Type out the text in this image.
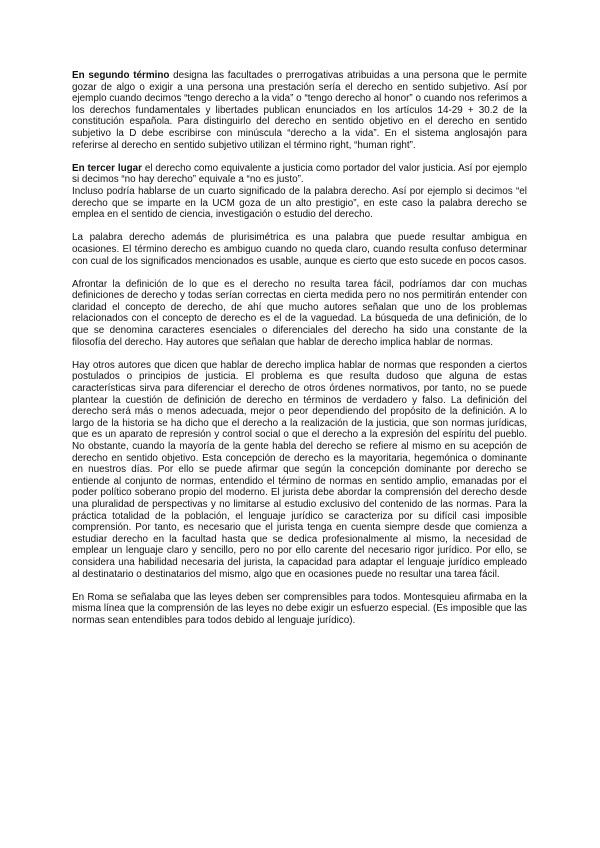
En segundo término designa las facultades o prerrogativas atribuidas a una persona que le permite gozar de algo o exigir a una persona una prestación sería el derecho en sentido subjetivo. Así por ejemplo cuando decimos “tengo derecho a la vida” o “tengo derecho al honor” o cuando nos referimos a los derechos fundamentales y libertades publican enunciados en los artículos 14-29 + 30.2 de la constitución española. Para distinguirlo del derecho en sentido objetivo en el derecho en sentido subjetivo la D debe escribirse con minúscula “derecho a la vida”. En el sistema anglosajón para referirse al derecho en sentido subjetivo utilizan el término right, “human right”.

En tercer lugar el derecho como equivalente a justicia como portador del valor justicia. Así por ejemplo si decimos “no hay derecho” equivale a “no es justo”.

Incluso podría hablarse de un cuarto significado de la palabra derecho. Así por ejemplo si decimos “el derecho que se imparte en la UCM goza de un alto prestigio”, en este caso la palabra derecho se emplea en el sentido de ciencia, investigación o estudio del derecho.

La palabra derecho además de plurisimétrica es una palabra que puede resultar ambigua en ocasiones. El término derecho es ambiguo cuando no queda claro, cuando resulta confuso determinar con cual de los significados mencionados es usable, aunque es cierto que esto sucede en pocos casos.

Afrontar la definición de lo que es el derecho no resulta tarea fácil, podríamos dar con muchas definiciones de derecho y todas serían correctas en cierta medida pero no nos permitirán entender con claridad el concepto de derecho, de ahí que mucho autores señalan que uno de los problemas relacionados con el concepto de derecho es el de la vaguedad. La búsqueda de una definición, de lo que se denomina caracteres esenciales o diferenciales del derecho ha sido una constante de la filosofía del derecho. Hay autores que señalan que hablar de derecho implica hablar de normas.

Hay otros autores que dicen que hablar de derecho implica hablar de normas que responden a ciertos postulados o principios de justicia. El problema es que resulta dudoso que alguna de estas características sirva para diferenciar el derecho de otros órdenes normativos, por tanto, no se puede plantear la cuestión de definición de derecho en términos de verdadero y falso. La definición del derecho será más o menos adecuada, mejor o peor dependiendo del propósito de la definición. A lo largo de la historia se ha dicho que el derecho a la realización de la justicia, que son normas jurídicas, que es un aparato de represión y control social o que el derecho a la expresión del espíritu del pueblo. No obstante, cuando la mayoría de la gente habla del derecho se refiere al mismo en su acepción de derecho en sentido objetivo. Esta concepción de derecho es la mayoritaria, hegemónica o dominante en nuestros días. Por ello se puede afirmar que según la concepción dominante por derecho se entiende al conjunto de normas, entendido el término de normas en sentido amplio, emanadas por el poder político soberano propio del moderno. El jurista debe abordar la comprensión del derecho desde una pluralidad de perspectivas y no limitarse al estudio exclusivo del contenido de las normas. Para la práctica totalidad de la población, el lenguaje jurídico se caracteriza por su difícil casi imposible comprensión. Por tanto, es necesario que el jurista tenga en cuenta siempre desde que comienza a estudiar derecho en la facultad hasta que se dedica profesionalmente al mismo, la necesidad de emplear un lenguaje claro y sencillo, pero no por ello carente del necesario rigor jurídico. Por ello, se considera una habilidad necesaria del jurista, la capacidad para adaptar el lenguaje jurídico empleado al destinatario o destinatarios del mismo, algo que en ocasiones puede no resultar una tarea fácil.

En Roma se señalaba que las leyes deben ser comprensibles para todos. Montesquieu afirmaba en la misma línea que la comprensión de las leyes no debe exigir un esfuerzo especial. (Es imposible que las normas sean entendibles para todos debido al lenguaje jurídico).
